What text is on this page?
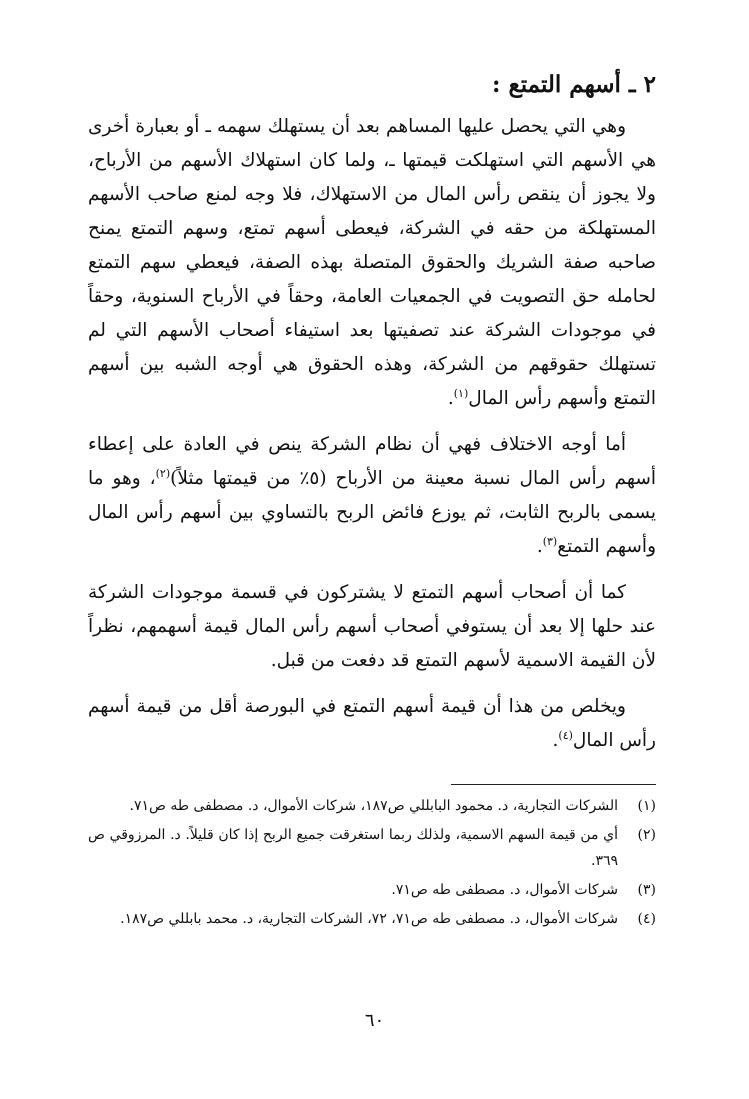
٢ ـ أسهم التمتع :

وهي التي يحصل عليها المساهم بعد أن يستهلك سهمه ـ أو بعبارة أخرى هي الأسهم التي استهلكت قيمتها ـ، ولما كان استهلاك الأسهم من الأرباح، ولا يجوز أن ينقص رأس المال من الاستهلاك، فلا وجه لمنع صاحب الأسهم المستهلكة من حقه في الشركة، فيعطى أسهم تمتع، وسهم التمتع يمنح صاحبه صفة الشريك والحقوق المتصلة بهذه الصفة، فيعطي سهم التمتع لحامله حق التصويت في الجمعيات العامة، وحقاً في الأرباح السنوية، وحقاً في موجودات الشركة عند تصفيتها بعد استيفاء أصحاب الأسهم التي لم تستهلك حقوقهم من الشركة، وهذه الحقوق هي أوجه الشبه بين أسهم التمتع وأسهم رأس المال$^{(١)}$.

أما أوجه الاختلاف فهي أن نظام الشركة ينص في العادة على إعطاء أسهم رأس المال نسبة معينة من الأرباح (٥٪ من قيمتها مثلاً)$^{(٢)}$، وهو ما يسمى بالربح الثابت، ثم يوزع فائض الربح بالتساوي بين أسهم رأس المال وأسهم التمتع$^{(٣)}$.

كما أن أصحاب أسهم التمتع لا يشتركون في قسمة موجودات الشركة عند حلها إلا بعد أن يستوفي أصحاب أسهم رأس المال قيمة أسهمهم، نظراً لأن القيمة الاسمية لأسهم التمتع قد دفعت من قبل.

ويخلص من هذا أن قيمة أسهم التمتع في البورصة أقل من قيمة أسهم رأس المال$^{(٤)}$.

(١)
الشركات التجارية، د. محمود البابللي ص١٨٧، شركات الأموال، د. مصطفى طه ص٧١.
(٢)
أي من قيمة السهم الاسمية، ولذلك ربما استغرقت جميع الربح إذا كان قليلاً. د. المرزوقي ص ٣٦٩.
(٣)
شركات الأموال، د. مصطفى طه ص٧١.
(٤)
شركات الأموال، د. مصطفى طه ص٧١، ٧٢، الشركات التجارية، د. محمد بابللي ص١٨٧.
٦٠
